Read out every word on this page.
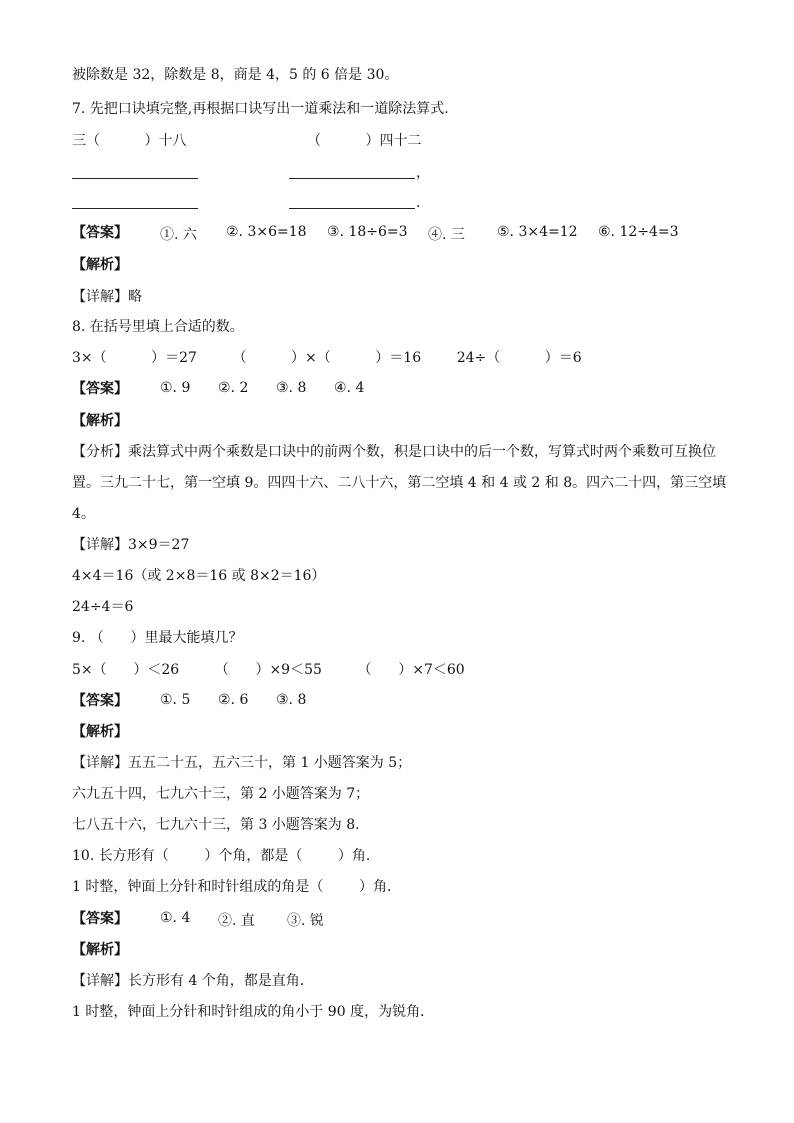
被除数是 32，除数是 8，商是 4，5 的 6 倍是 30。
7. 先把口诀填完整,再根据口诀写出一道乘法和一道除法算式.
三（          ）十八	（          ）四十二
，
．
【答案】 ①. 六 ②. 3×6=18 ③. 18÷6=3 ④. 三 ⑤. 3×4=12 ⑥. 12÷4=3
【解析】
【详解】略
8. 在括号里填上合适的数。
3×（          ）＝27        （          ）×（          ）＝16        24÷（          ）＝6
【答案】 ①. 9 ②. 2 ③. 8 ④. 4
【解析】
【分析】乘法算式中两个乘数是口诀中的前两个数，积是口诀中的后一个数，写算式时两个乘数可互换位
置。三九二十七，第一空填 9。四四十六、二八十六，第二空填 4 和 4 或 2 和 8。四六二十四，第三空填
4。
【详解】3×9＝27
4×4＝16（或 2×8＝16 或 8×2＝16）
24÷4＝6
9. （      ）里最大能填几？
5×（      ）＜26        （      ）×9＜55        （      ）×7＜60
【答案】 ①. 5 ②. 6 ③. 8
【解析】
【详解】五五二十五，五六三十，第 1 小题答案为 5；
六九五十四，七九六十三，第 2 小题答案为 7；
七八五十六，七九六十三，第 3 小题答案为 8.
10. 长方形有（        ）个角，都是（        ）角．
1 时整，钟面上分针和时针组成的角是（        ）角．
【答案】 ①. 4 ②. 直 ③. 锐
【解析】
【详解】长方形有 4 个角，都是直角．
1 时整，钟面上分针和时针组成的角小于 90 度，为锐角．
